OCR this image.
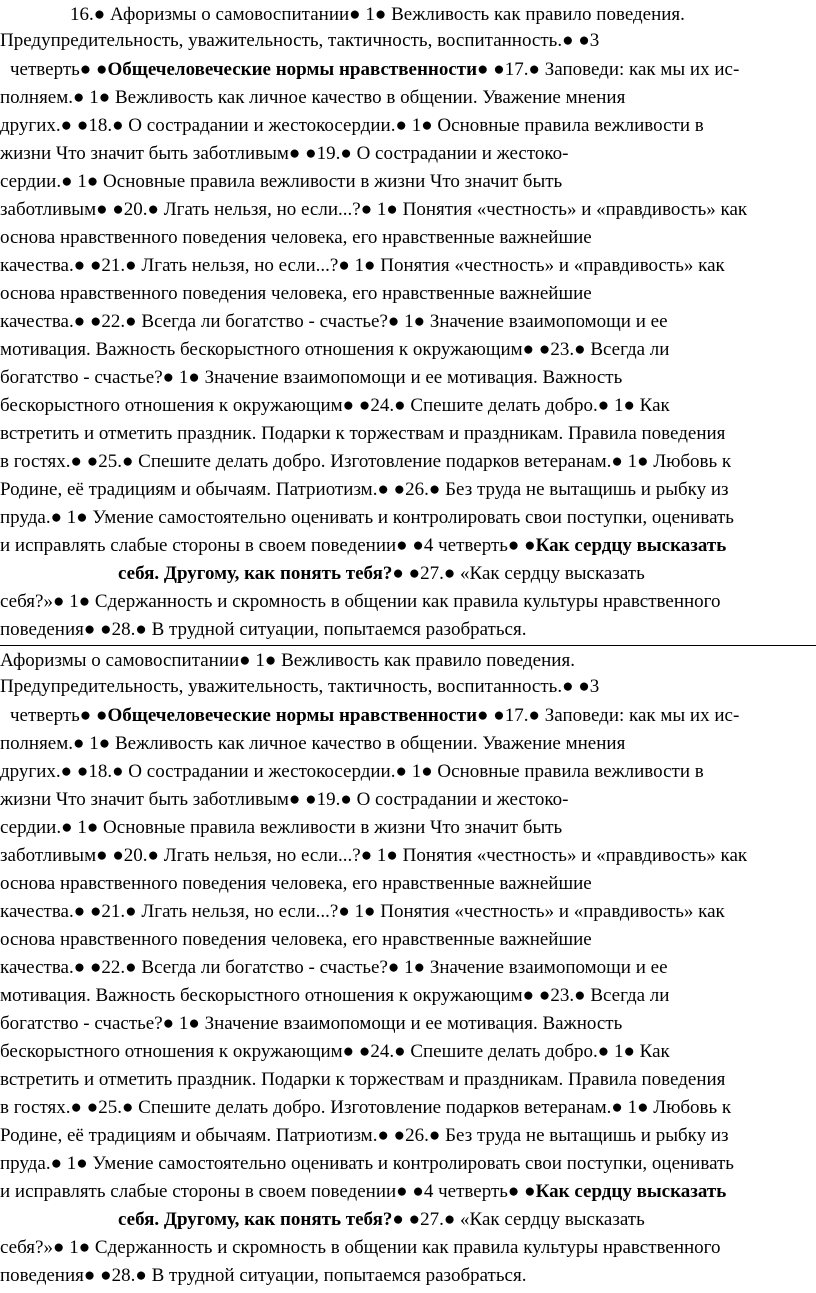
16.● Афоризмы о самовоспитании● 1● Вежливость как правило поведения.
Предупредительность, уважительность, тактичность, воспитанность.● ●3
четверть● ●Общечеловеческие нормы нравственности● ●17.● Заповеди: как мы их ис-
полняем.● 1● Вежливость как личное качество в общении. Уважение мнения
других.● ●18.● О сострадании и жестокосердии.● 1● Основные правила вежливости в
жизни Что значит быть заботливым● ●19.● О сострадании и жестоко-
сердии.● 1● Основные правила вежливости в жизни Что значит быть
заботливым● ●20.● Лгать нельзя, но если...?● 1● Понятия «честность» и «правдивость» как
основа нравственного поведения человека, его нравственные важнейшие
качества.● ●21.● Лгать нельзя, но если...?● 1● Понятия «честность» и «правдивость» как
основа нравственного поведения человека, его нравственные важнейшие
качества.● ●22.● Всегда ли богатство - счастье?● 1● Значение взаимопомощи и ее
мотивация. Важность бескорыстного отношения к окружающим● ●23.● Всегда ли
богатство - счастье?● 1● Значение взаимопомощи и ее мотивация. Важность
бескорыстного отношения к окружающим● ●24.● Спешите делать добро.● 1● Как
встретить и отметить праздник. Подарки к торжествам и праздникам. Правила поведения
в гостях.● ●25.● Спешите делать добро. Изготовление подарков ветеранам.● 1● Любовь к
Родине, её традициям и обычаям. Патриотизм.● ●26.● Без труда не вытащишь и рыбку из
пруда.● 1● Умение самостоятельно оценивать и контролировать свои поступки, оценивать
и исправлять слабые стороны в своем поведении● ●4 четверть● ●Как сердцу высказать
себя. Другому, как понять тебя?● ●27.● «Как сердцу высказать
себя?»● 1● Сдержанность и скромность в общении как правила культуры нравственного
поведения● ●28.● В трудной ситуации, попытаемся разобраться.
Афоризмы о самовоспитании● 1● Вежливость как правило поведения.
Предупредительность, уважительность, тактичность, воспитанность.● ●3
четверть● ●Общечеловеческие нормы нравственности● ●17.● Заповеди: как мы их ис-
полняем.● 1● Вежливость как личное качество в общении. Уважение мнения
других.● ●18.● О сострадании и жестокосердии.● 1● Основные правила вежливости в
жизни Что значит быть заботливым● ●19.● О сострадании и жестоко-
сердии.● 1● Основные правила вежливости в жизни Что значит быть
заботливым● ●20.● Лгать нельзя, но если...?● 1● Понятия «честность» и «правдивость» как
основа нравственного поведения человека, его нравственные важнейшие
качества.● ●21.● Лгать нельзя, но если...?● 1● Понятия «честность» и «правдивость» как
основа нравственного поведения человека, его нравственные важнейшие
качества.● ●22.● Всегда ли богатство - счастье?● 1● Значение взаимопомощи и ее
мотивация. Важность бескорыстного отношения к окружающим● ●23.● Всегда ли
богатство - счастье?● 1● Значение взаимопомощи и ее мотивация. Важность
бескорыстного отношения к окружающим● ●24.● Спешите делать добро.● 1● Как
встретить и отметить праздник. Подарки к торжествам и праздникам. Правила поведения
в гостях.● ●25.● Спешите делать добро. Изготовление подарков ветеранам.● 1● Любовь к
Родине, её традициям и обычаям. Патриотизм.● ●26.● Без труда не вытащишь и рыбку из
пруда.● 1● Умение самостоятельно оценивать и контролировать свои поступки, оценивать
и исправлять слабые стороны в своем поведении● ●4 четверть● ●Как сердцу высказать
себя. Другому, как понять тебя?● ●27.● «Как сердцу высказать
себя?»● 1● Сдержанность и скромность в общении как правила культуры нравственного
поведения● ●28.● В трудной ситуации, попытаемся разобраться.
